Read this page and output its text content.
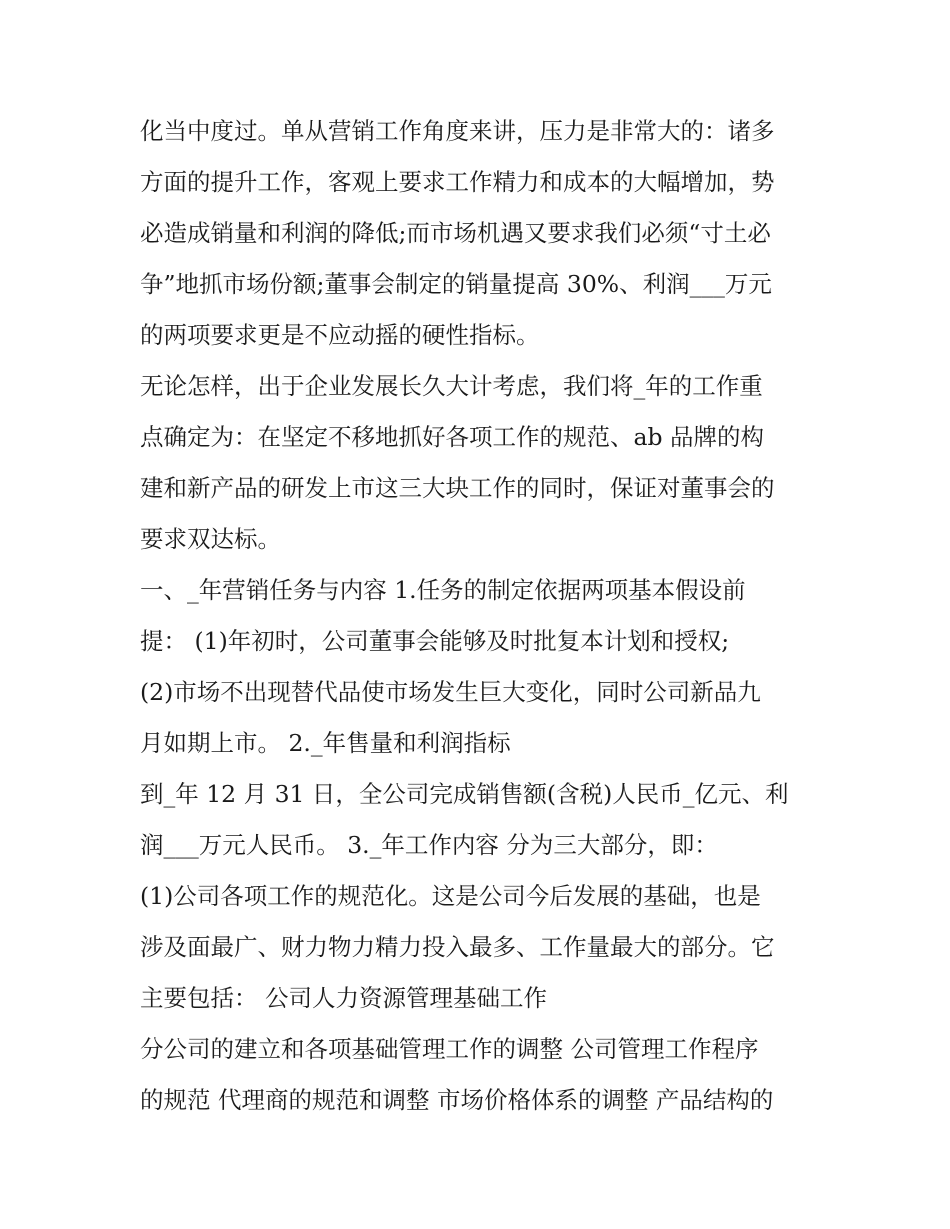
化当中度过。单从营销工作角度来讲，压力是非常大的：诸多
方面的提升工作，客观上要求工作精力和成本的大幅增加，势
必造成销量和利润的降低;而市场机遇又要求我们必须“寸土必
争”地抓市场份额;董事会制定的销量提高 30%、利润___万元
的两项要求更是不应动摇的硬性指标。
无论怎样，出于企业发展长久大计考虑，我们将_年的工作重
点确定为：在坚定不移地抓好各项工作的规范、ab 品牌的构
建和新产品的研发上市这三大块工作的同时，保证对董事会的
要求双达标。
一、_年营销任务与内容 1.任务的制定依据两项基本假设前
提： (1)年初时，公司董事会能够及时批复本计划和授权;
(2)市场不出现替代品使市场发生巨大变化，同时公司新品九
月如期上市。 2._年售量和利润指标
到_年 12 月 31 日，全公司完成销售额(含税)人民币_亿元、利
润___万元人民币。 3._年工作内容 分为三大部分，即：
(1)公司各项工作的规范化。这是公司今后发展的基础，也是
涉及面最广、财力物力精力投入最多、工作量最大的部分。它
主要包括： 公司人力资源管理基础工作
分公司的建立和各项基础管理工作的调整 公司管理工作程序
的规范 代理商的规范和调整 市场价格体系的调整 产品结构的
